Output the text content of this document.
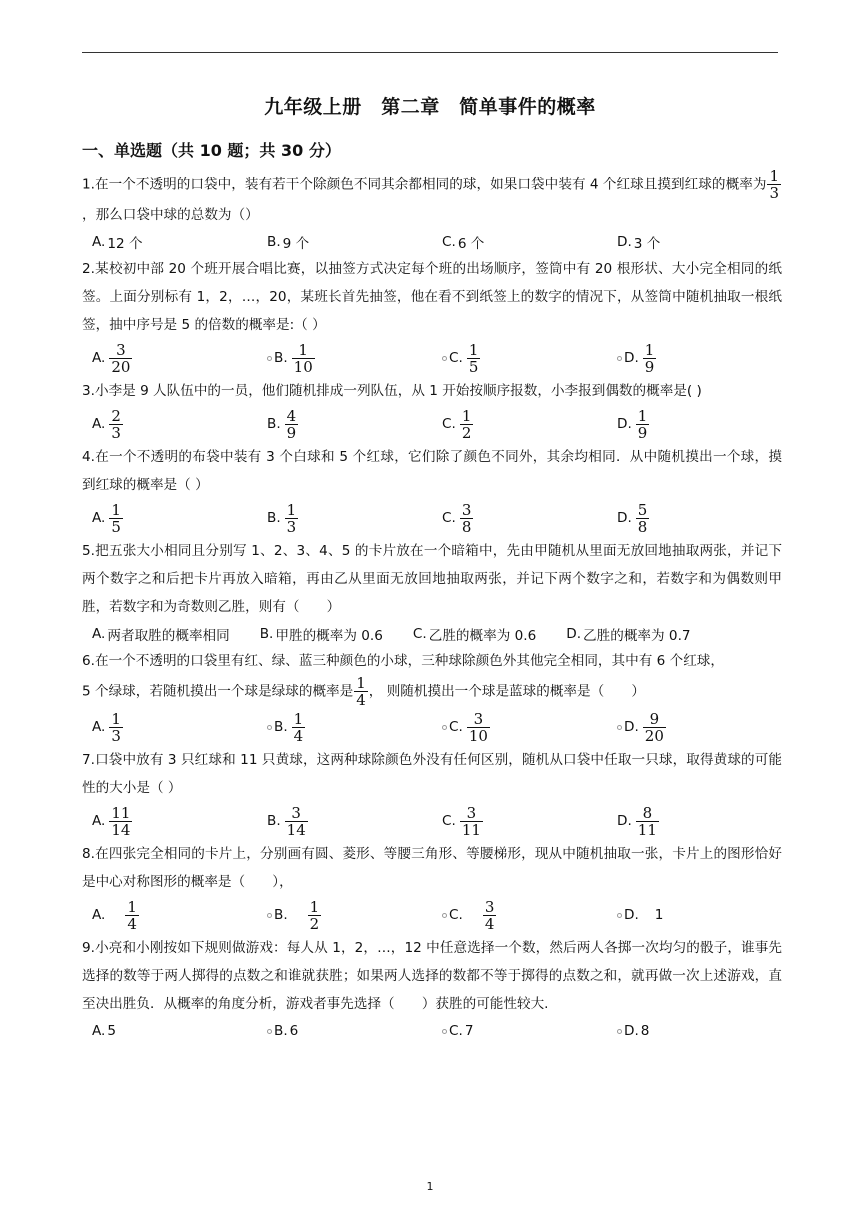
九年级上册　第二章　简单事件的概率
一、单选题（共 10 题；共 30 分）

1.在一个不透明的口袋中，装有若干个除颜色不同其余都相同的球，如果口袋中装有 4 个红球且摸到红球的概率为 $\frac{1}{3}$
，那么口袋中球的总数为（）

A. 12 个	B. 9 个	C. 6 个	D. 3 个

2.某校初中部 20 个班开展合唱比赛，以抽签方式决定每个班的出场顺序，签筒中有 20 根形状、大小完全相同的纸签。上面分别标有 1，2，…，20，某班长首先抽签，他在看不到纸签上的数字的情况下，从签筒中随机抽取一根纸签，抽中序号是 5 的倍数的概率是:（ ）

A. $\frac{3}{20}$	B. $\frac{1}{10}$	C. $\frac{1}{5}$	D. $\frac{1}{9}$

3.小李是 9 人队伍中的一员，他们随机排成一列队伍，从 1 开始按顺序报数，小李报到偶数的概率是( )

A. $\frac{2}{3}$	B. $\frac{4}{9}$	C. $\frac{1}{2}$	D. $\frac{1}{9}$

4.在一个不透明的布袋中装有 3 个白球和 5 个红球，它们除了颜色不同外，其余均相同．从中随机摸出一个球，摸到红球的概率是（ ）

A. $\frac{1}{5}$	B. $\frac{1}{3}$	C. $\frac{3}{8}$	D. $\frac{5}{8}$

5.把五张大小相同且分别写 1、2、3、4、5 的卡片放在一个暗箱中，先由甲随机从里面无放回地抽取两张，并记下两个数字之和后把卡片再放入暗箱，再由乙从里面无放回地抽取两张，并记下两个数字之和，若数字和为偶数则甲胜，若数字和为奇数则乙胜，则有（　　）

A. 两者取胜的概率相同 B. 甲胜的概率为 0.6 C. 乙胜的概率为 0.6 D. 乙胜的概率为 0.7

6.在一个不透明的口袋里有红、绿、蓝三种颜色的小球，三种球除颜色外其他完全相同，其中有 6 个红球，
5 个绿球，若随机摸出一个球是绿球的概率是 $\frac{1}{4}$ ， 则随机摸出一个球是蓝球的概率是（　　）

A. $\frac{1}{3}$	B. $\frac{1}{4}$	C. $\frac{3}{10}$	D. $\frac{9}{20}$

7.口袋中放有 3 只红球和 11 只黄球，这两种球除颜色外没有任何区别，随机从口袋中任取一只球，取得黄球的可能性的大小是（ ）

A. $\frac{11}{14}$	B. $\frac{3}{14}$	C. $\frac{3}{11}$	D. $\frac{8}{11}$

8.在四张完全相同的卡片上，分别画有圆、菱形、等腰三角形、等腰梯形，现从中随机抽取一张，卡片上的图形恰好是中心对称图形的概率是（　　），

A. $\frac{1}{4}$	B. $\frac{1}{2}$	C. $\frac{3}{4}$	D. 1

9.小亮和小刚按如下规则做游戏：每人从 1，2，…，12 中任意选择一个数，然后两人各掷一次均匀的骰子，谁事先选择的数等于两人掷得的点数之和谁就获胜；如果两人选择的数都不等于掷得的点数之和，就再做一次上述游戏，直至决出胜负．从概率的角度分析，游戏者事先选择（　　）获胜的可能性较大.

A. 5	B. 6	C. 7	D. 8
1
